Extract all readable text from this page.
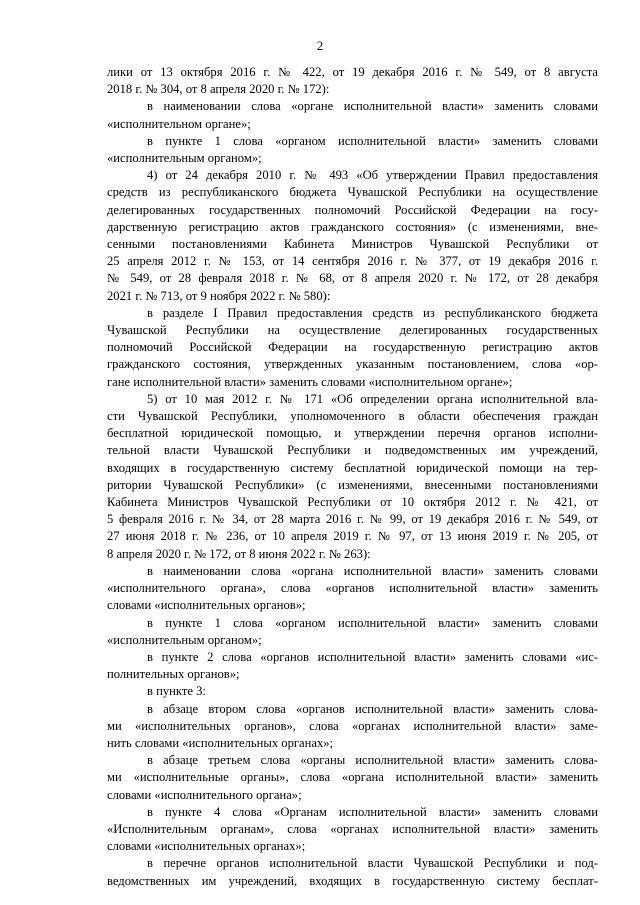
2
лики от 13 октября 2016 г. № 422, от 19 декабря 2016 г. № 549, от 8 августа
2018 г. № 304, от 8 апреля 2020 г. № 172):
в наименовании слова «органе исполнительной власти» заменить словами
«исполнительном органе»;
в пункте 1 слова «органом исполнительной власти» заменить словами
«исполнительным органом»;
4) от 24 декабря 2010 г. № 493 «Об утверждении Правил предоставления
средств из республиканского бюджета Чувашской Республики на осуществление
делегированных государственных полномочий Российской Федерации на госу-
дарственную регистрацию актов гражданского состояния» (с изменениями, вне-
сенными постановлениями Кабинета Министров Чувашской Республики от
25 апреля 2012 г. № 153, от 14 сентября 2016 г. № 377, от 19 декабря 2016 г.
№ 549, от 28 февраля 2018 г. № 68, от 8 апреля 2020 г. № 172, от 28 декабря
2021 г. № 713, от 9 ноября 2022 г. № 580):
в разделе I Правил предоставления средств из республиканского бюджета
Чувашской Республики на осуществление делегированных государственных
полномочий Российской Федерации на государственную регистрацию актов
гражданского состояния, утвержденных указанным постановлением, слова «ор-
гане исполнительной власти» заменить словами «исполнительном органе»;
5) от 10 мая 2012 г. № 171 «Об определении органа исполнительной вла-
сти Чувашской Республики, уполномоченного в области обеспечения граждан
бесплатной юридической помощью, и утверждении перечня органов исполни-
тельной власти Чувашской Республики и подведомственных им учреждений,
входящих в государственную систему бесплатной юридической помощи на тер-
ритории Чувашской Республики» (с изменениями, внесенными постановлениями
Кабинета Министров Чувашской Республики от 10 октября 2012 г. № 421, от
5 февраля 2016 г. № 34, от 28 марта 2016 г. № 99, от 19 декабря 2016 г. № 549, от
27 июня 2018 г. № 236, от 10 апреля 2019 г. № 97, от 13 июня 2019 г. № 205, от
8 апреля 2020 г. № 172, от 8 июня 2022 г. № 263):
в наименовании слова «органа исполнительной власти» заменить словами
«исполнительного органа», слова «органов исполнительной власти» заменить
словами «исполнительных органов»;
в пункте 1 слова «органом исполнительной власти» заменить словами
«исполнительным органом»;
в пункте 2 слова «органов исполнительной власти» заменить словами «ис-
полнительных органов»;
в пункте 3:
в абзаце втором слова «органов исполнительной власти» заменить слова-
ми «исполнительных органов», слова «органах исполнительной власти» заме-
нить словами «исполнительных органах»;
в абзаце третьем слова «органы исполнительной власти» заменить слова-
ми «исполнительные органы», слова «органа исполнительной власти» заменить
словами «исполнительного органа»;
в пункте 4 слова «Органам исполнительной власти» заменить словами
«Исполнительным органам», слова «органах исполнительной власти» заменить
словами «исполнительных органах»;
в перечне органов исполнительной власти Чувашской Республики и под-
ведомственных им учреждений, входящих в государственную систему бесплат-
